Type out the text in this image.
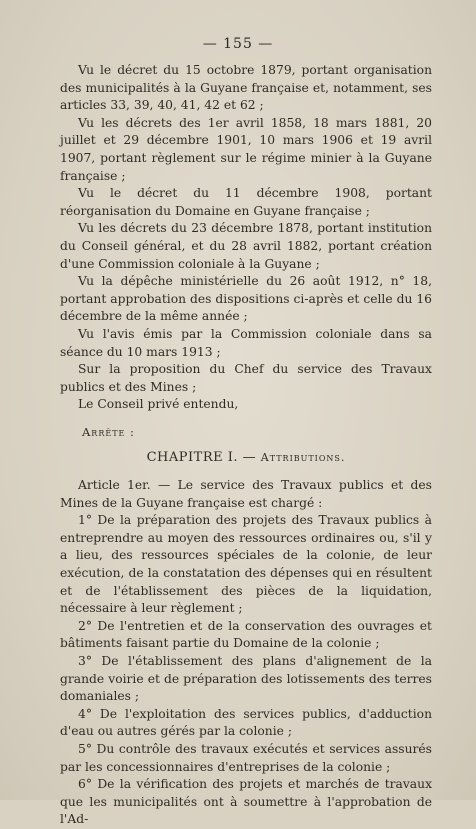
— 155 —

Vu le décret du 15 octobre 1879, portant organisation des municipalités à la Guyane française et, notamment, ses articles 33, 39, 40, 41, 42 et 62 ;

Vu les décrets des 1er avril 1858, 18 mars 1881, 20 juillet et 29 décembre 1901, 10 mars 1906 et 19 avril 1907, portant règlement sur le régime minier à la Guyane française ;

Vu le décret du 11 décembre 1908, portant réorganisation du Domaine en Guyane française ;

Vu les décrets du 23 décembre 1878, portant institution du Conseil général, et du 28 avril 1882, portant création d'une Commission coloniale à la Guyane ;

Vu la dépêche ministérielle du 26 août 1912, n° 18, portant approbation des dispositions ci-après et celle du 16 décembre de la même année ;

Vu l'avis émis par la Commission coloniale dans sa séance du 10 mars 1913 ;

Sur la proposition du Chef du service des Travaux publics et des Mines ;

Le Conseil privé entendu,

Arrête :
CHAPITRE I. — Attributions.

Article 1er. — Le service des Travaux publics et des Mines de la Guyane française est chargé :

1° De la préparation des projets des Travaux publics à entreprendre au moyen des ressources ordinaires ou, s'il y a lieu, des ressources spéciales de la colonie, de leur exécution, de la constatation des dépenses qui en résultent et de l'établissement des pièces de la liquidation, nécessaire à leur règlement ;

2° De l'entretien et de la conservation des ouvrages et bâtiments faisant partie du Domaine de la colonie ;

3° De l'établissement des plans d'alignement de la grande voirie et de préparation des lotissements des terres domaniales ;

4° De l'exploitation des services publics, d'adduction d'eau ou autres gérés par la colonie ;

5° Du contrôle des travaux exécutés et services assurés par les concessionnaires d'entreprises de la colonie ;

6° De la vérification des projets et marchés de travaux que les municipalités ont à soumettre à l'approbation de l'Ad-
